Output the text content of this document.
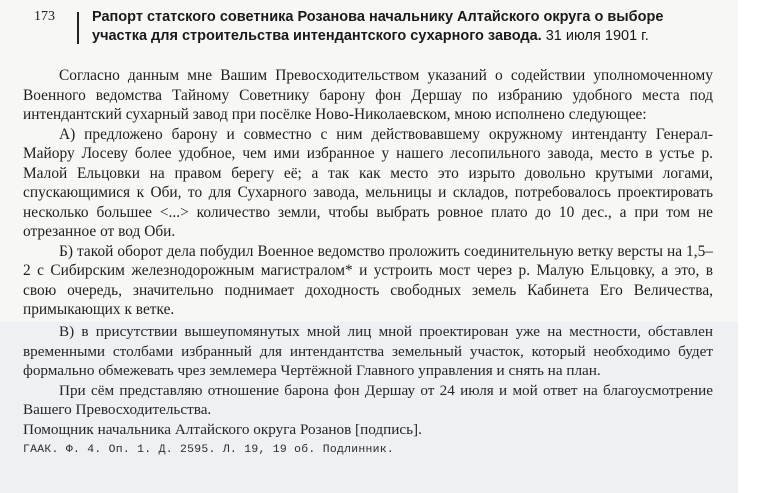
173	Рапорт статского советника Розанова начальнику Алтайского округа о выборе участка для строительства интендантского сухарного завода. 31 июля 1901 г.

Согласно данным мне Вашим Превосходительством указаний о содействии уполномоченному Военного ведомства Тайному Советнику барону фон Дершау по избранию удобного места под интендантский сухарный завод при посёлке Ново-Николаевском, мною исполнено следующее:

А) предложено барону и совместно с ним действовавшему окружному интенданту Генерал-Майору Лосеву более удобное, чем ими избранное у нашего лесопильного завода, место в устье р. Малой Ельцовки на правом берегу её; а так как место это изрыто довольно крутыми логами, спускающимися к Оби, то для Сухарного завода, мельницы и складов, потребовалось проектировать несколько большее <...> количество земли, чтобы выбрать ровное плато до 10 дес., а при том не отрезанное от вод Оби.

Б) такой оборот дела побудил Военное ведомство проложить соединительную ветку версты на 1,5–2 с Сибирским железнодорожным магистралом* и устроить мост через р. Малую Ельцовку, а это, в свою очередь, значительно поднимает доходность свободных земель Кабинета Его Величества, примыкающих к ветке.

В) в присутствии вышеупомянутых мной лиц мной проектирован уже на местности, обставлен временными столбами избранный для интендантства земельный участок, который необходимо будет формально обмежевать чрез землемера Чертёжной Главного управления и снять на план.

При сём представляю отношение барона фон Дершау от 24 июля и мой ответ на благоусмотрение Вашего Превосходительства.

Помощник начальника Алтайского округа Розанов [подпись].

ГААК. Ф. 4. Оп. 1. Д. 2595. Л. 19, 19 об. Подлинник.
